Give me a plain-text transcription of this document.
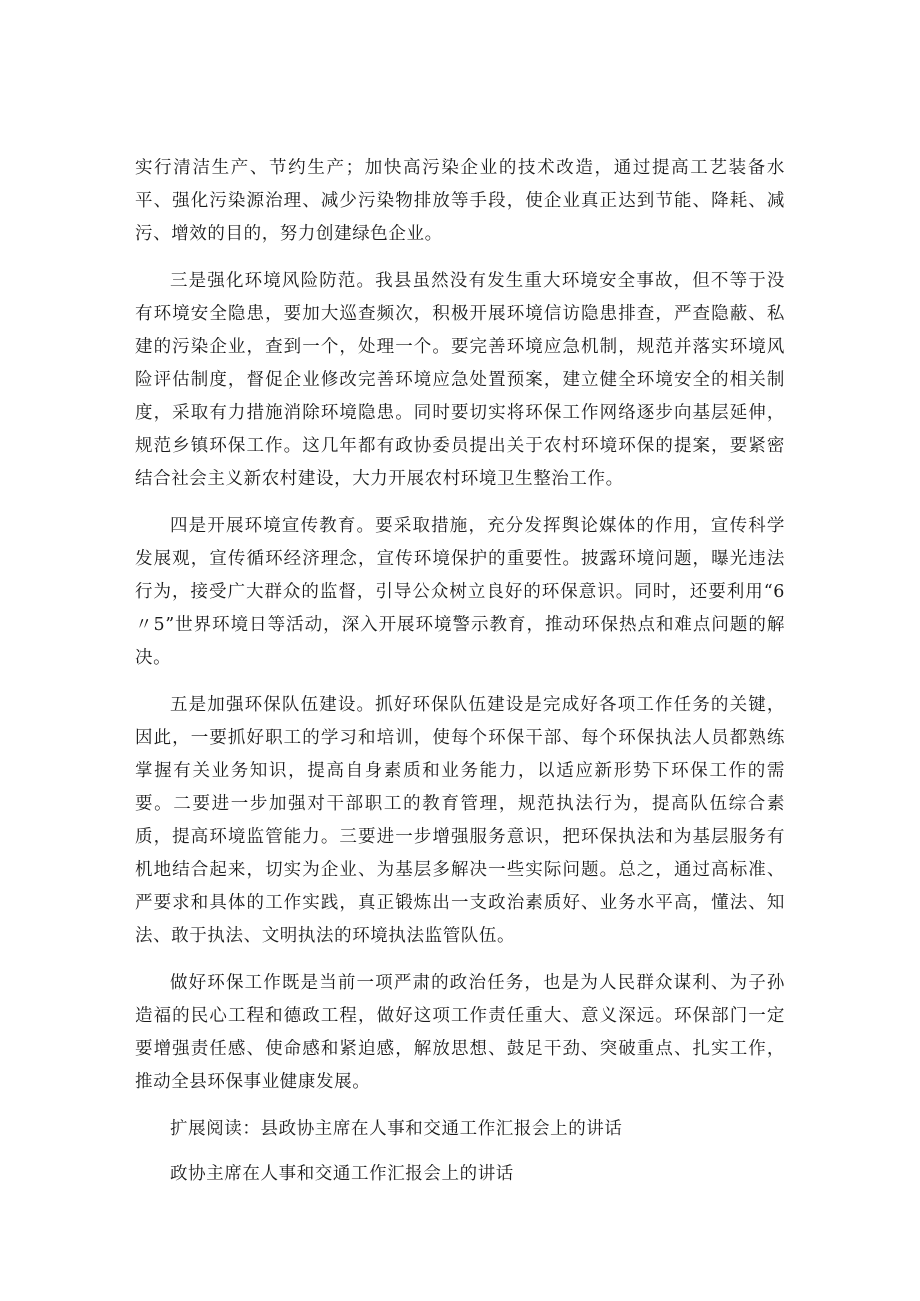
实行清洁生产、节约生产；加快高污染企业的技术改造，通过提高工艺装备水平、强化污染源治理、减少污染物排放等手段，使企业真正达到节能、降耗、减污、增效的目的，努力创建绿色企业。

三是强化环境风险防范。我县虽然没有发生重大环境安全事故，但不等于没有环境安全隐患，要加大巡查频次，积极开展环境信访隐患排查，严查隐蔽、私建的污染企业，查到一个，处理一个。要完善环境应急机制，规范并落实环境风险评估制度，督促企业修改完善环境应急处置预案，建立健全环境安全的相关制度，采取有力措施消除环境隐患。同时要切实将环保工作网络逐步向基层延伸，规范乡镇环保工作。这几年都有政协委员提出关于农村环境环保的提案，要紧密结合社会主义新农村建设，大力开展农村环境卫生整治工作。

四是开展环境宣传教育。要采取措施，充分发挥舆论媒体的作用，宣传科学发展观，宣传循环经济理念，宣传环境保护的重要性。披露环境问题，曝光违法行为，接受广大群众的监督，引导公众树立良好的环保意识。同时，还要利用“6〃5”世界环境日等活动，深入开展环境警示教育，推动环保热点和难点问题的解决。

五是加强环保队伍建设。抓好环保队伍建设是完成好各项工作任务的关键，因此，一要抓好职工的学习和培训，使每个环保干部、每个环保执法人员都熟练掌握有关业务知识，提高自身素质和业务能力，以适应新形势下环保工作的需要。二要进一步加强对干部职工的教育管理，规范执法行为，提高队伍综合素质，提高环境监管能力。三要进一步增强服务意识，把环保执法和为基层服务有机地结合起来，切实为企业、为基层多解决一些实际问题。总之，通过高标准、严要求和具体的工作实践，真正锻炼出一支政治素质好、业务水平高，懂法、知法、敢于执法、文明执法的环境执法监管队伍。

做好环保工作既是当前一项严肃的政治任务，也是为人民群众谋利、为子孙造福的民心工程和德政工程，做好这项工作责任重大、意义深远。环保部门一定要增强责任感、使命感和紧迫感，解放思想、鼓足干劲、突破重点、扎实工作，推动全县环保事业健康发展。

扩展阅读：县政协主席在人事和交通工作汇报会上的讲话

政协主席在人事和交通工作汇报会上的讲话
